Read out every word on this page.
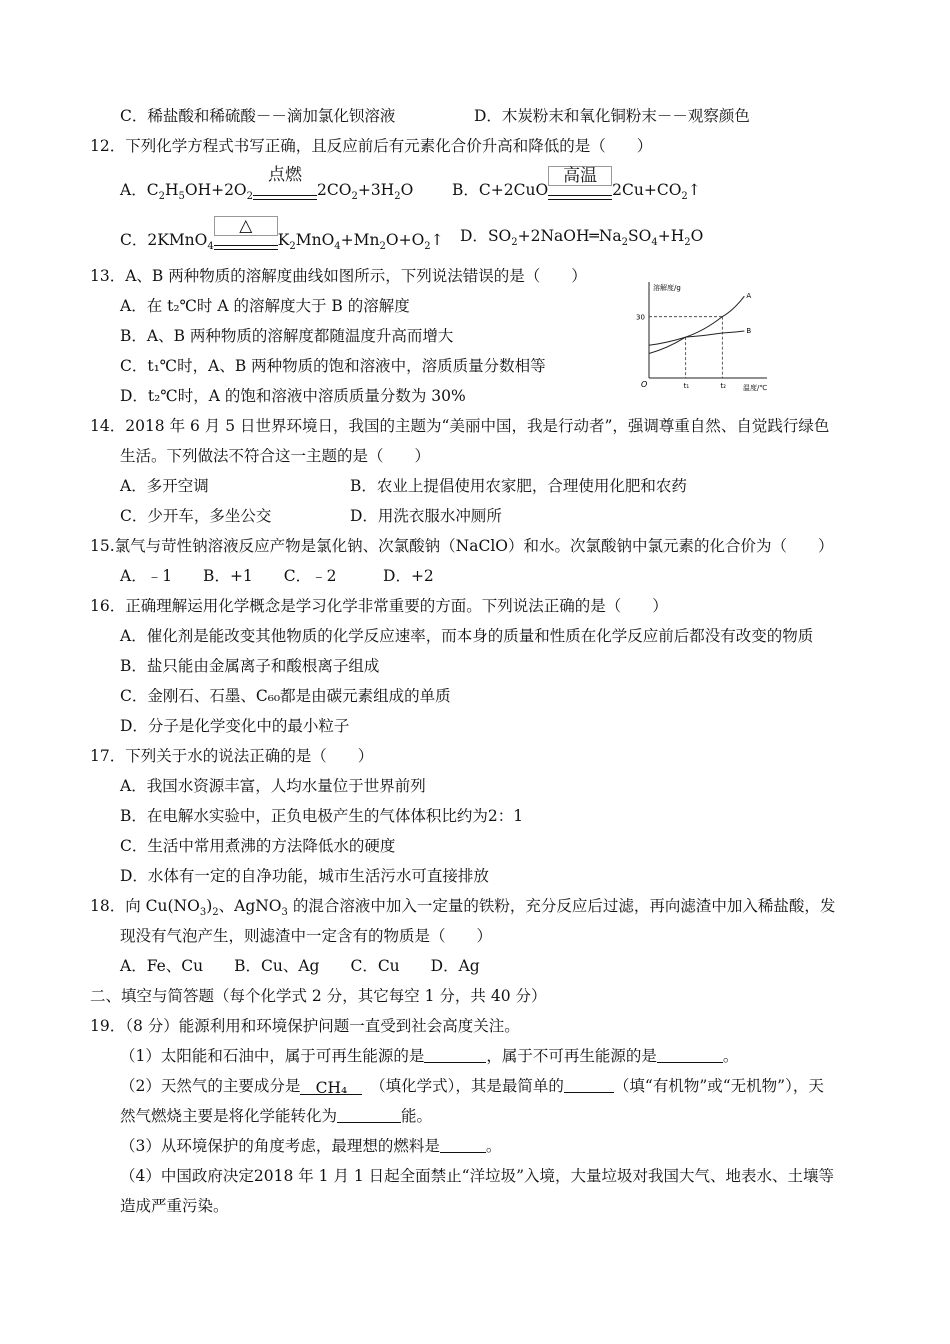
C．稀盐酸和稀硫酸－－滴加氯化钡溶液	D．木炭粉末和氧化铜粉末－－观察颜色
12．下列化学方程式书写正确，且反应前后有元素化合价升高和降低的是（　　）
A．$C_2H_5OH+2O_2$
点燃
$2CO_2+3H_2O$ B．C+2CuO
高温
$2Cu+CO_2↑$
C．2KMnO$_4$
△
$K_2MnO_4+Mn_2O+O_2↑$ D．$SO_2+2NaOH═Na_2SO_4+H_2O$
13．A、B 两种物质的溶解度曲线如图所示，下列说法错误的是（　　）
A．在 t₂℃时 A 的溶解度大于 B 的溶解度
B．A、B 两种物质的溶解度都随温度升高而增大
C．t₁℃时，A、B 两种物质的饱和溶液中，溶质质量分数相等
D．t₂℃时，A 的饱和溶液中溶质质量分数为 30%
溶解度/g
温度/℃
O
30
t₁	t₂
A
B
14．2018 年 6 月 5 日世界环境日，我国的主题为“美丽中国，我是行动者”，强调尊重自然、自觉践行绿色
生活。下列做法不符合这一主题的是（　　）
A．多开空调	B．农业上提倡使用农家肥，合理使用化肥和农药
C．少开车，多坐公交	D．用洗衣服水冲厕所
15.氯气与苛性钠溶液反应产物是氯化钠、次氯酸钠（NaClO）和水。次氯酸钠中氯元素的化合价为（　　）
A．﹣1　　B．+1　　C．﹣2　　　D．+2
16．正确理解运用化学概念是学习化学非常重要的方面。下列说法正确的是（　　）
A．催化剂是能改变其他物质的化学反应速率，而本身的质量和性质在化学反应前后都没有改变的物质
B．盐只能由金属离子和酸根离子组成
C．金刚石、石墨、C₆₀都是由碳元素组成的单质
D．分子是化学变化中的最小粒子
17．下列关于水的说法正确的是（　　）
A．我国水资源丰富，人均水量位于世界前列
B．在电解水实验中，正负电极产生的气体体积比约为2：1
C．生活中常用煮沸的方法降低水的硬度
D．水体有一定的自净功能，城市生活污水可直接排放
18．向 $Cu(NO_3)_2$、AgNO$_3$ 的混合溶液中加入一定量的铁粉，充分反应后过滤，再向滤渣中加入稀盐酸，发
现没有气泡产生，则滤渣中一定含有的物质是（　　）
A．Fe、Cu　　B．Cu、Ag　　C．Cu　　D．Ag
二、填空与简答题（每个化学式 2 分，其它每空 1 分，共 40 分）
19．（8 分）能源利用和环境保护问题一直受到社会高度关注。
（1）太阳能和石油中，属于可再生能源的是	，属于不可再生能源的是	。
（2）天然气的主要成分是 CH₄　 （填化学式），其是最简单的	（填“有机物”或“无机物”），天
然气燃烧主要是将化学能转化为	能。
（3）从环境保护的角度考虑，最理想的燃料是	。
（4）中国政府决定2018 年 1 月 1 日起全面禁止“洋垃圾”入境，大量垃圾对我国大气、地表水、土壤等
造成严重污染。
